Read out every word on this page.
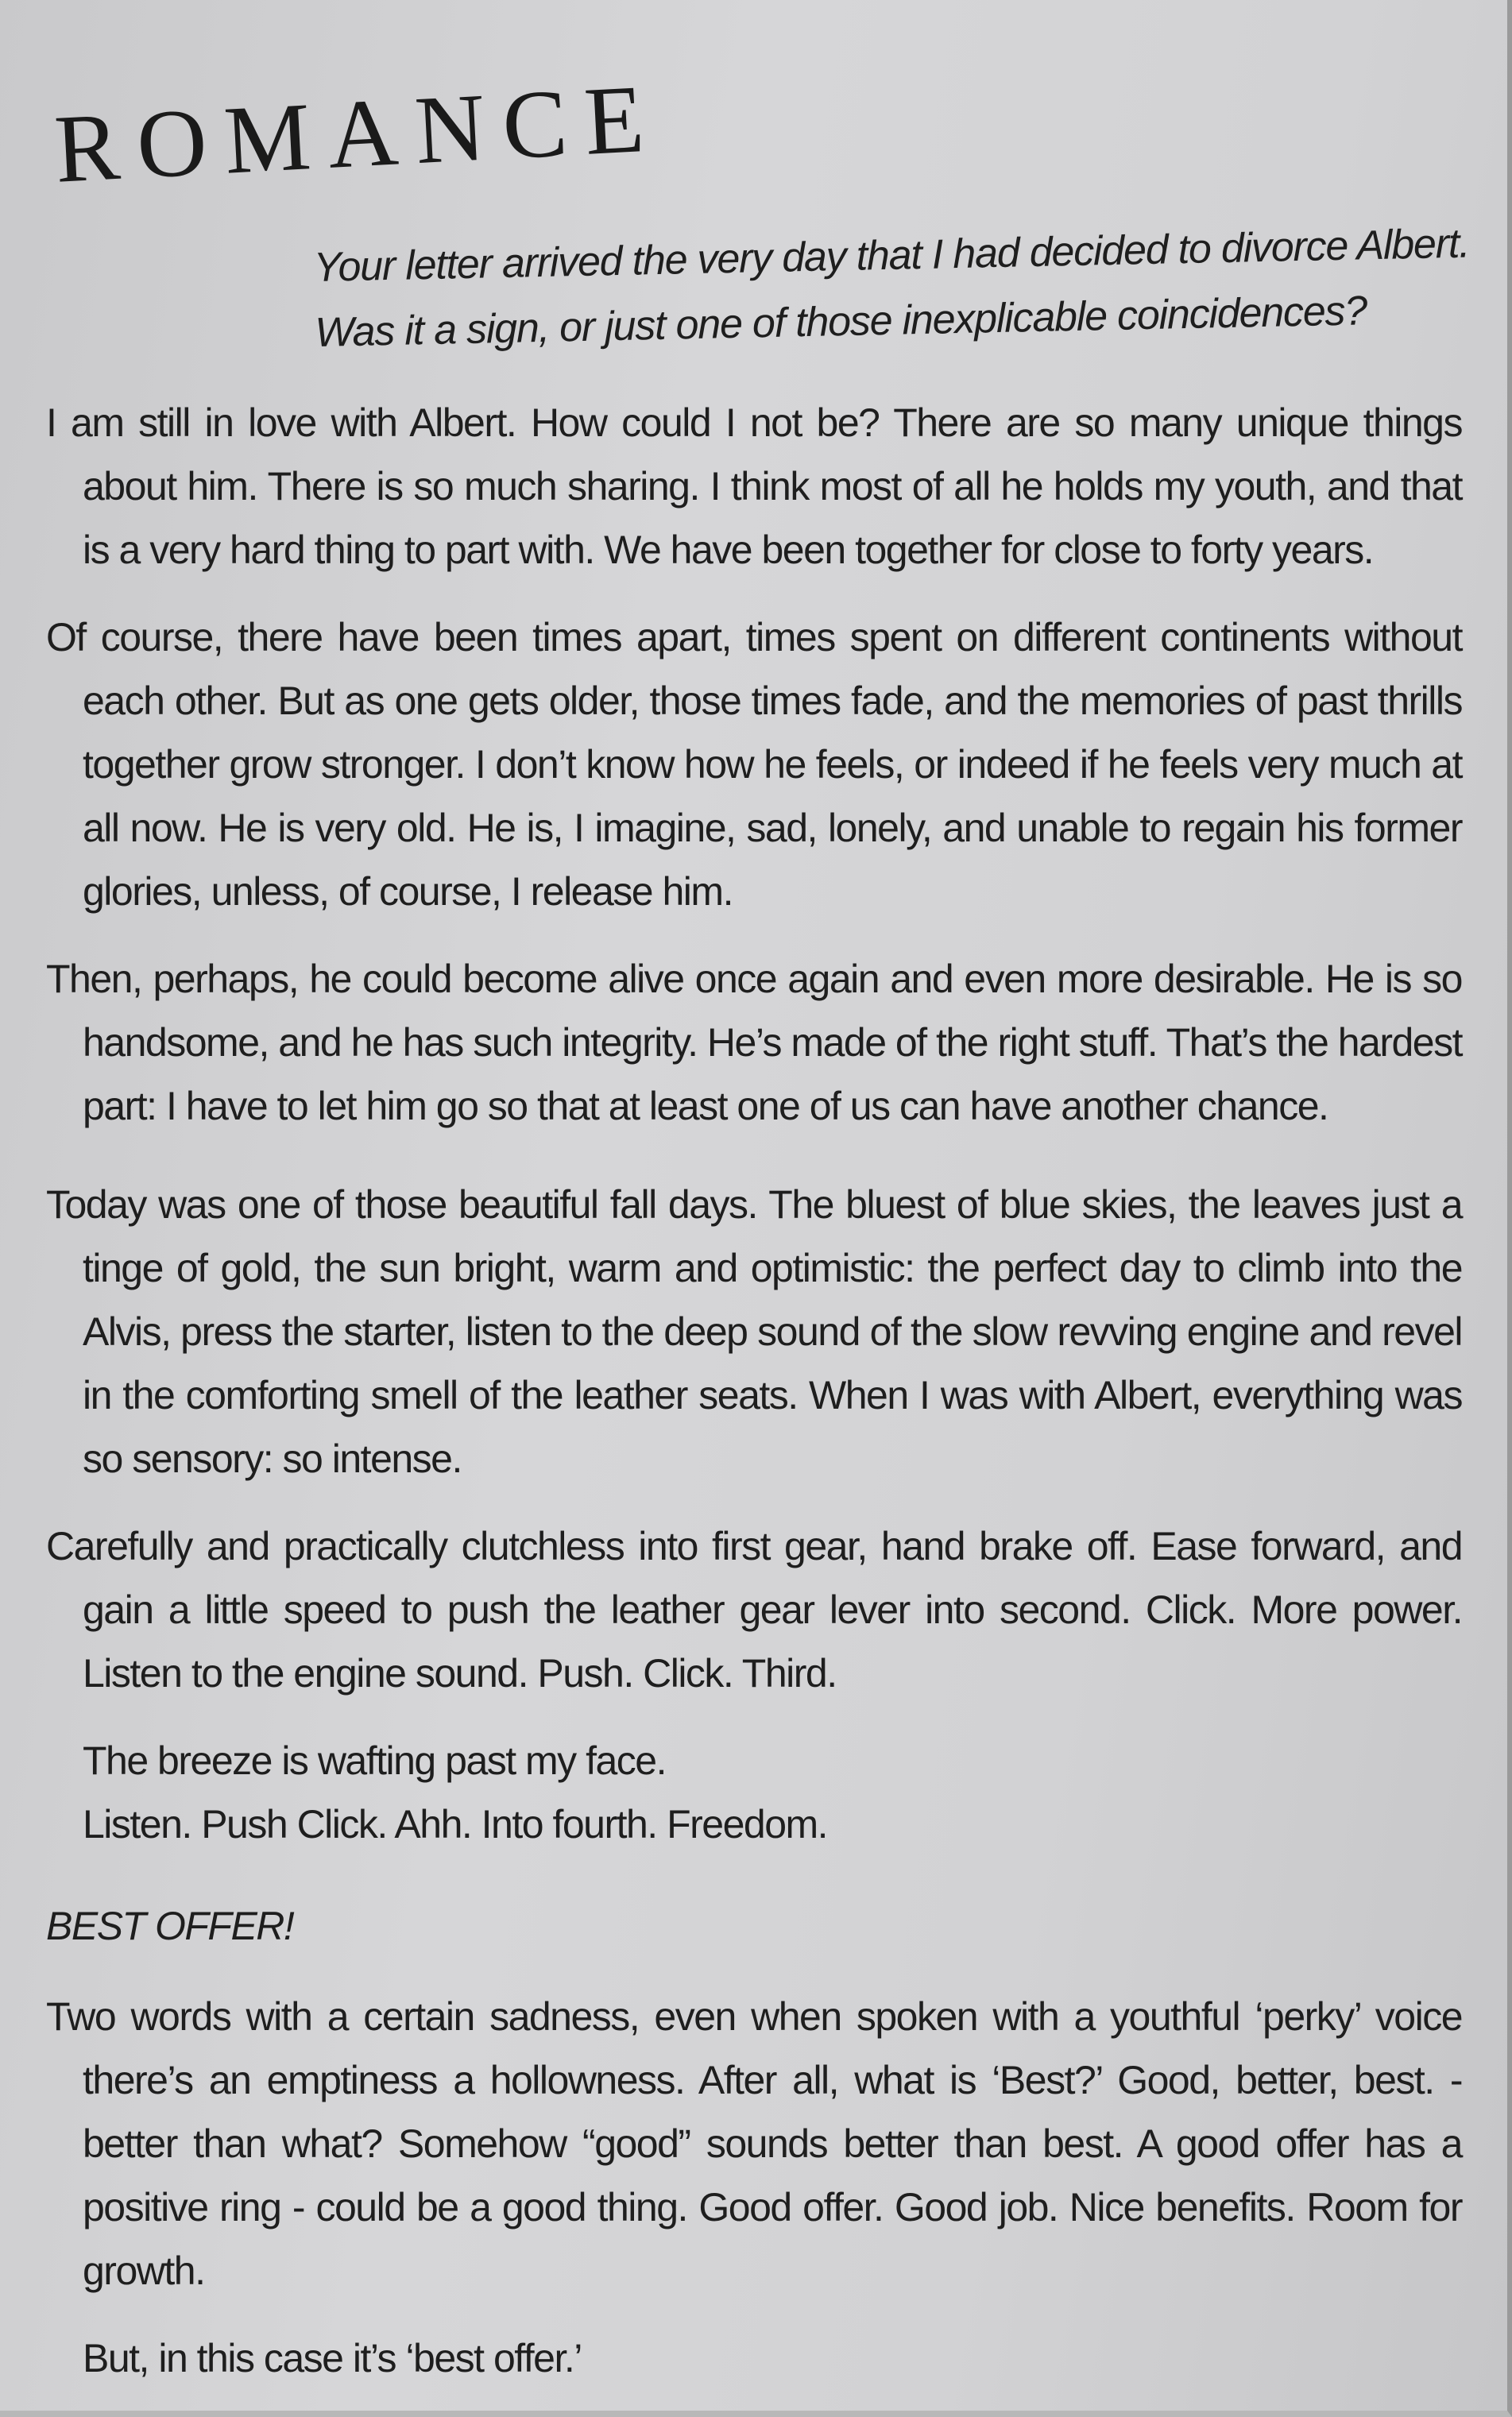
ROMANCE
Your letter arrived the very day that I had decided to divorce Albert.
Was it a sign, or just one of those inexplicable coincidences?

I am still in love with Albert. How could I not be? There are so many unique things about him. There is so much sharing. I think most of all he holds my youth, and that is a very hard thing to part with. We have been together for close to forty years.

Of course, there have been times apart, times spent on different continents without each other. But as one gets older, those times fade, and the memories of past thrills together grow stronger. I don’t know how he feels, or indeed if he feels very much at all now. He is very old. He is, I imagine, sad, lonely, and unable to regain his former glories, unless, of course, I release him.

Then, perhaps, he could become alive once again and even more desirable. He is so handsome, and he has such integrity. He’s made of the right stuff. That’s the hardest part: I have to let him go so that at least one of us can have another chance.

Today was one of those beautiful fall days. The bluest of blue skies, the leaves just a tinge of gold, the sun bright, warm and optimistic: the perfect day to climb into the Alvis, press the starter, listen to the deep sound of the slow revving engine and revel in the comforting smell of the leather seats. When I was with Albert, everything was so sensory: so intense.

Carefully and practically clutchless into first gear, hand brake off. Ease forward, and gain a little speed to push the leather gear lever into second. Click. More power. Listen to the engine sound. Push. Click. Third.

The breeze is wafting past my face.

Listen. Push Click. Ahh. Into fourth. Freedom.

BEST OFFER!

Two words with a certain sadness, even when spoken with a youthful ‘perky’ voice there’s an emptiness a hollowness. After all, what is ‘Best?’ Good, better, best. - better than what? Somehow “good” sounds better than best. A good offer has a positive ring - could be a good thing. Good offer. Good job. Nice benefits. Room for growth.

But, in this case it’s ‘best offer.’
